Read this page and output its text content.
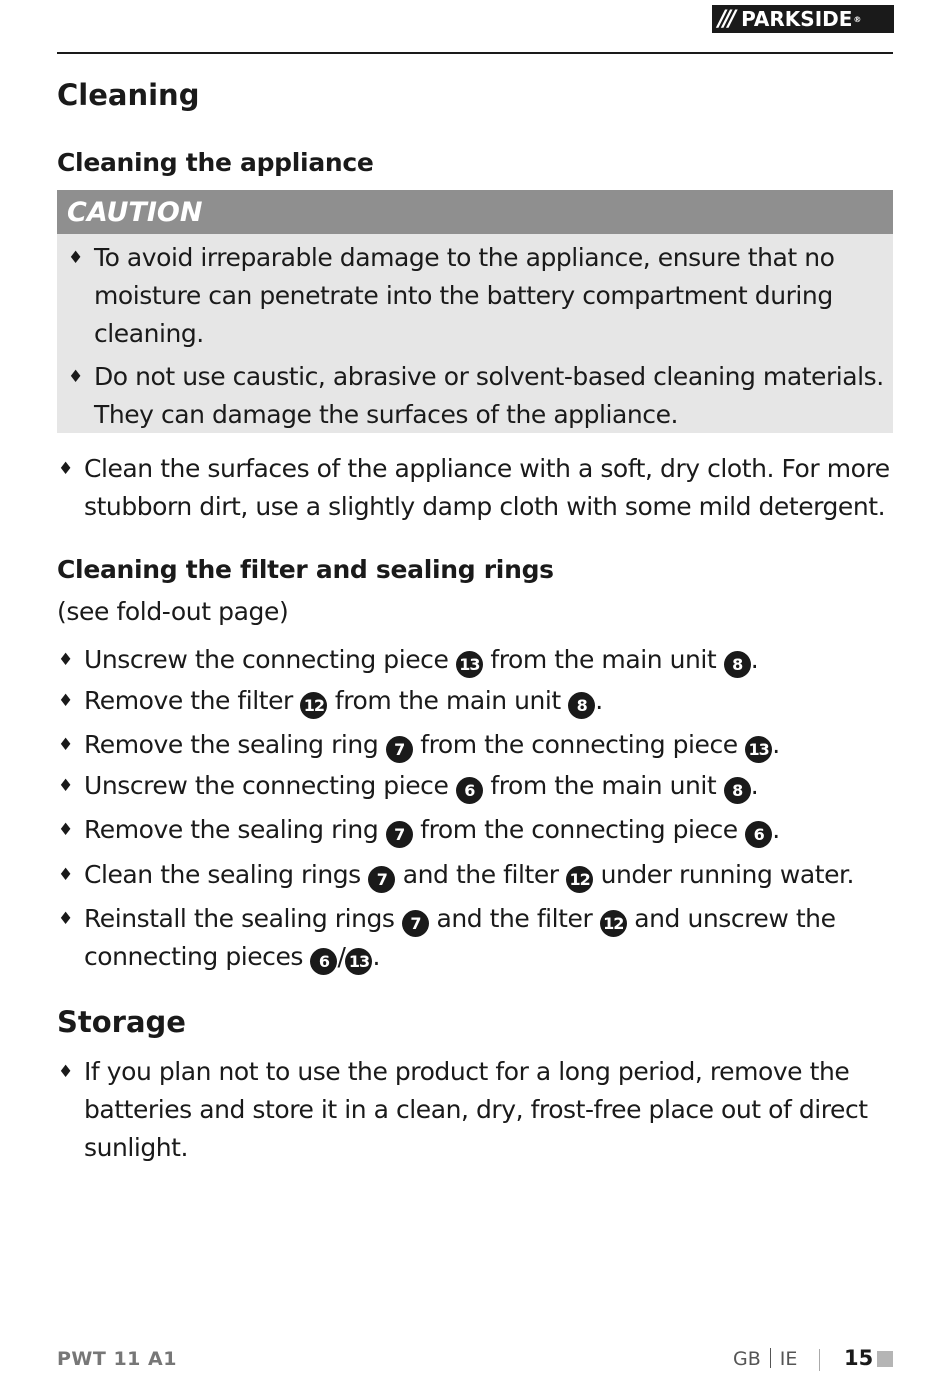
/// PARKSIDE ®
Cleaning
Cleaning the appliance
CAUTION
♦ To avoid irreparable damage to the appliance, ensure that no
moisture can penetrate into the battery compartment during
cleaning.
♦ Do not use caustic, abrasive or solvent-based cleaning materials.
They can damage the surfaces of the appliance.
♦ Clean the surfaces of the appliance with a soft, dry cloth. For more
stubborn dirt, use a slightly damp cloth with some mild detergent.
Cleaning the filter and sealing rings
(see fold-out page)
♦ Unscrew the connecting piece 13 from the main unit 8 .
♦ Remove the filter 12 from the main unit 8 .
♦ Remove the sealing ring 7 from the connecting piece 13 .
♦ Unscrew the connecting piece 6 from the main unit 8 .
♦ Remove the sealing ring 7 from the connecting piece 6 .
♦ Clean the sealing rings 7 and the filter 12 under running water.
♦ Reinstall the sealing rings 7 and the filter 12 and unscrew the
connecting pieces 6 / 13 .
Storage
♦ If you plan not to use the product for a long period, remove the
batteries and store it in a clean, dry, frost-free place out of direct
sunlight.
PWT 11 A1	GB IE 15
